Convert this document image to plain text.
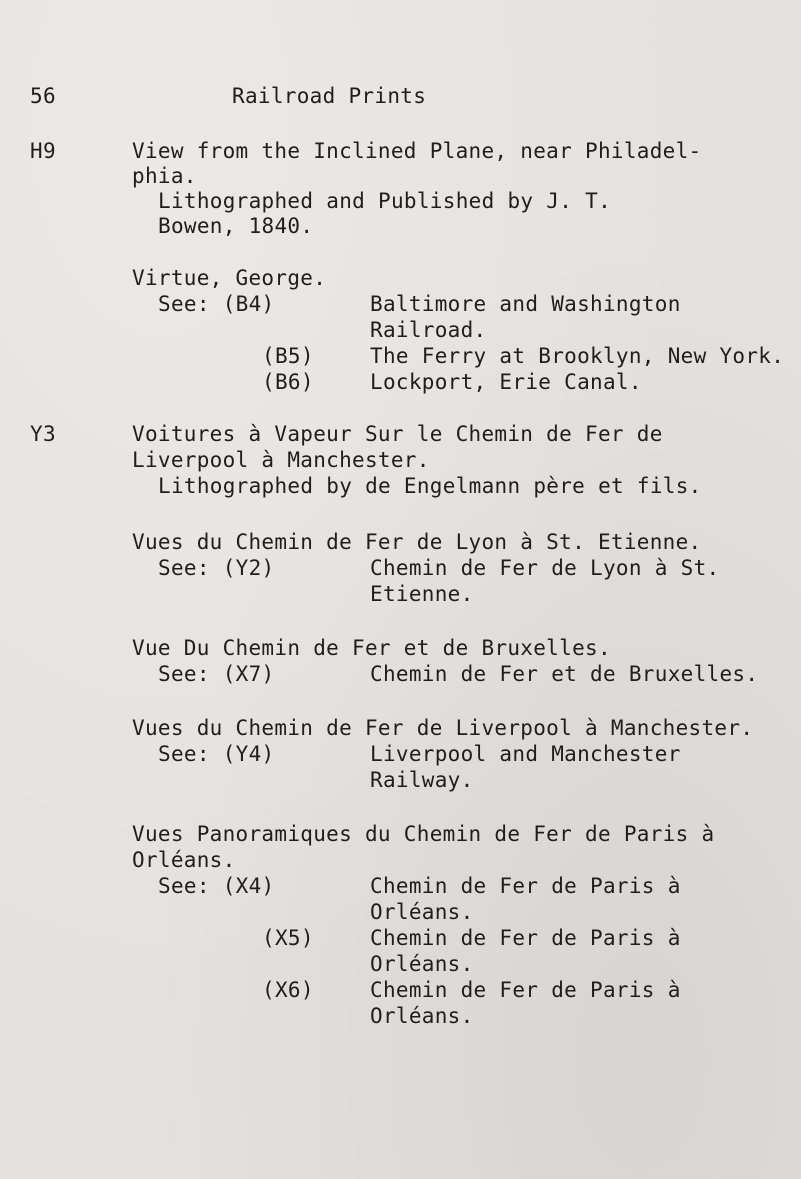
56	Railroad Prints
H9	View from the Inclined Plane, near Philadel-
phia.
Lithographed and Published by J. T.
Bowen, 1840.
Virtue, George.
See: (B4)	Baltimore and Washington
Railroad.
(B5)	The Ferry at Brooklyn, New York.
(B6)	Lockport, Erie Canal.
Y3	Voitures à Vapeur Sur le Chemin de Fer de
Liverpool à Manchester.
Lithographed by de Engelmann père et fils.
Vues du Chemin de Fer de Lyon à St. Etienne.
See: (Y2)	Chemin de Fer de Lyon à St.
Etienne.
Vue Du Chemin de Fer et de Bruxelles.
See: (X7)	Chemin de Fer et de Bruxelles.
Vues du Chemin de Fer de Liverpool à Manchester.
See: (Y4)	Liverpool and Manchester
Railway.
Vues Panoramiques du Chemin de Fer de Paris à
Orléans.
See: (X4)	Chemin de Fer de Paris à
Orléans.
(X5)	Chemin de Fer de Paris à
Orléans.
(X6)	Chemin de Fer de Paris à
Orléans.
